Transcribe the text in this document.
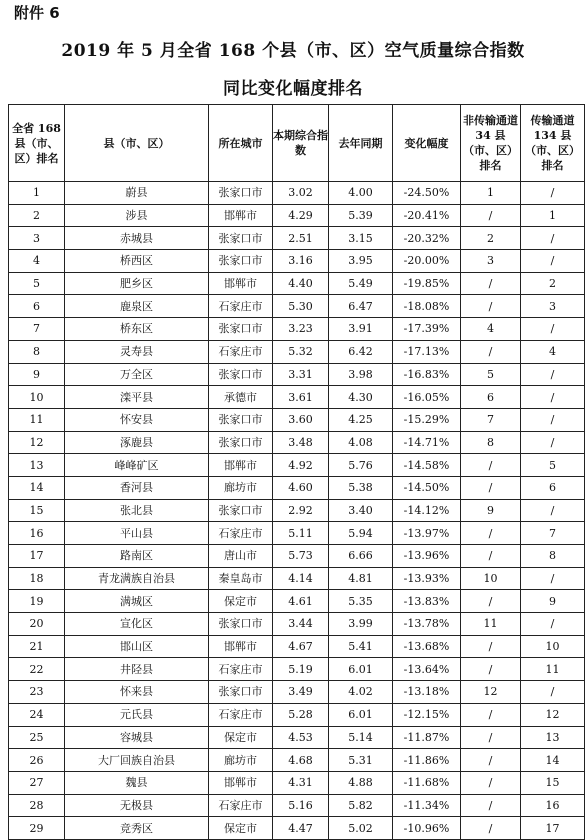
附件 6
2019 年 5 月全省 168 个县（市、区）空气质量综合指数
同比变化幅度排名
全省 168 县（市、区）排名	县（市、区）	所在城市	本期综合指数	去年同期	变化幅度	非传输通道 34 县（市、区）排名	传输通道 134 县（市、区）排名
1	蔚县	张家口市	3.02	4.00	-24.50%	1	/
2	涉县	邯郸市	4.29	5.39	-20.41%	/	1
3	赤城县	张家口市	2.51	3.15	-20.32%	2	/
4	桥西区	张家口市	3.16	3.95	-20.00%	3	/
5	肥乡区	邯郸市	4.40	5.49	-19.85%	/	2
6	鹿泉区	石家庄市	5.30	6.47	-18.08%	/	3
7	桥东区	张家口市	3.23	3.91	-17.39%	4	/
8	灵寿县	石家庄市	5.32	6.42	-17.13%	/	4
9	万全区	张家口市	3.31	3.98	-16.83%	5	/
10	滦平县	承德市	3.61	4.30	-16.05%	6	/
11	怀安县	张家口市	3.60	4.25	-15.29%	7	/
12	涿鹿县	张家口市	3.48	4.08	-14.71%	8	/
13	峰峰矿区	邯郸市	4.92	5.76	-14.58%	/	5
14	香河县	廊坊市	4.60	5.38	-14.50%	/	6
15	张北县	张家口市	2.92	3.40	-14.12%	9	/
16	平山县	石家庄市	5.11	5.94	-13.97%	/	7
17	路南区	唐山市	5.73	6.66	-13.96%	/	8
18	青龙满族自治县	秦皇岛市	4.14	4.81	-13.93%	10	/
19	满城区	保定市	4.61	5.35	-13.83%	/	9
20	宣化区	张家口市	3.44	3.99	-13.78%	11	/
21	邯山区	邯郸市	4.67	5.41	-13.68%	/	10
22	井陉县	石家庄市	5.19	6.01	-13.64%	/	11
23	怀来县	张家口市	3.49	4.02	-13.18%	12	/
24	元氏县	石家庄市	5.28	6.01	-12.15%	/	12
25	容城县	保定市	4.53	5.14	-11.87%	/	13
26	大厂回族自治县	廊坊市	4.68	5.31	-11.86%	/	14
27	魏县	邯郸市	4.31	4.88	-11.68%	/	15
28	无极县	石家庄市	5.16	5.82	-11.34%	/	16
29	竞秀区	保定市	4.47	5.02	-10.96%	/	17
